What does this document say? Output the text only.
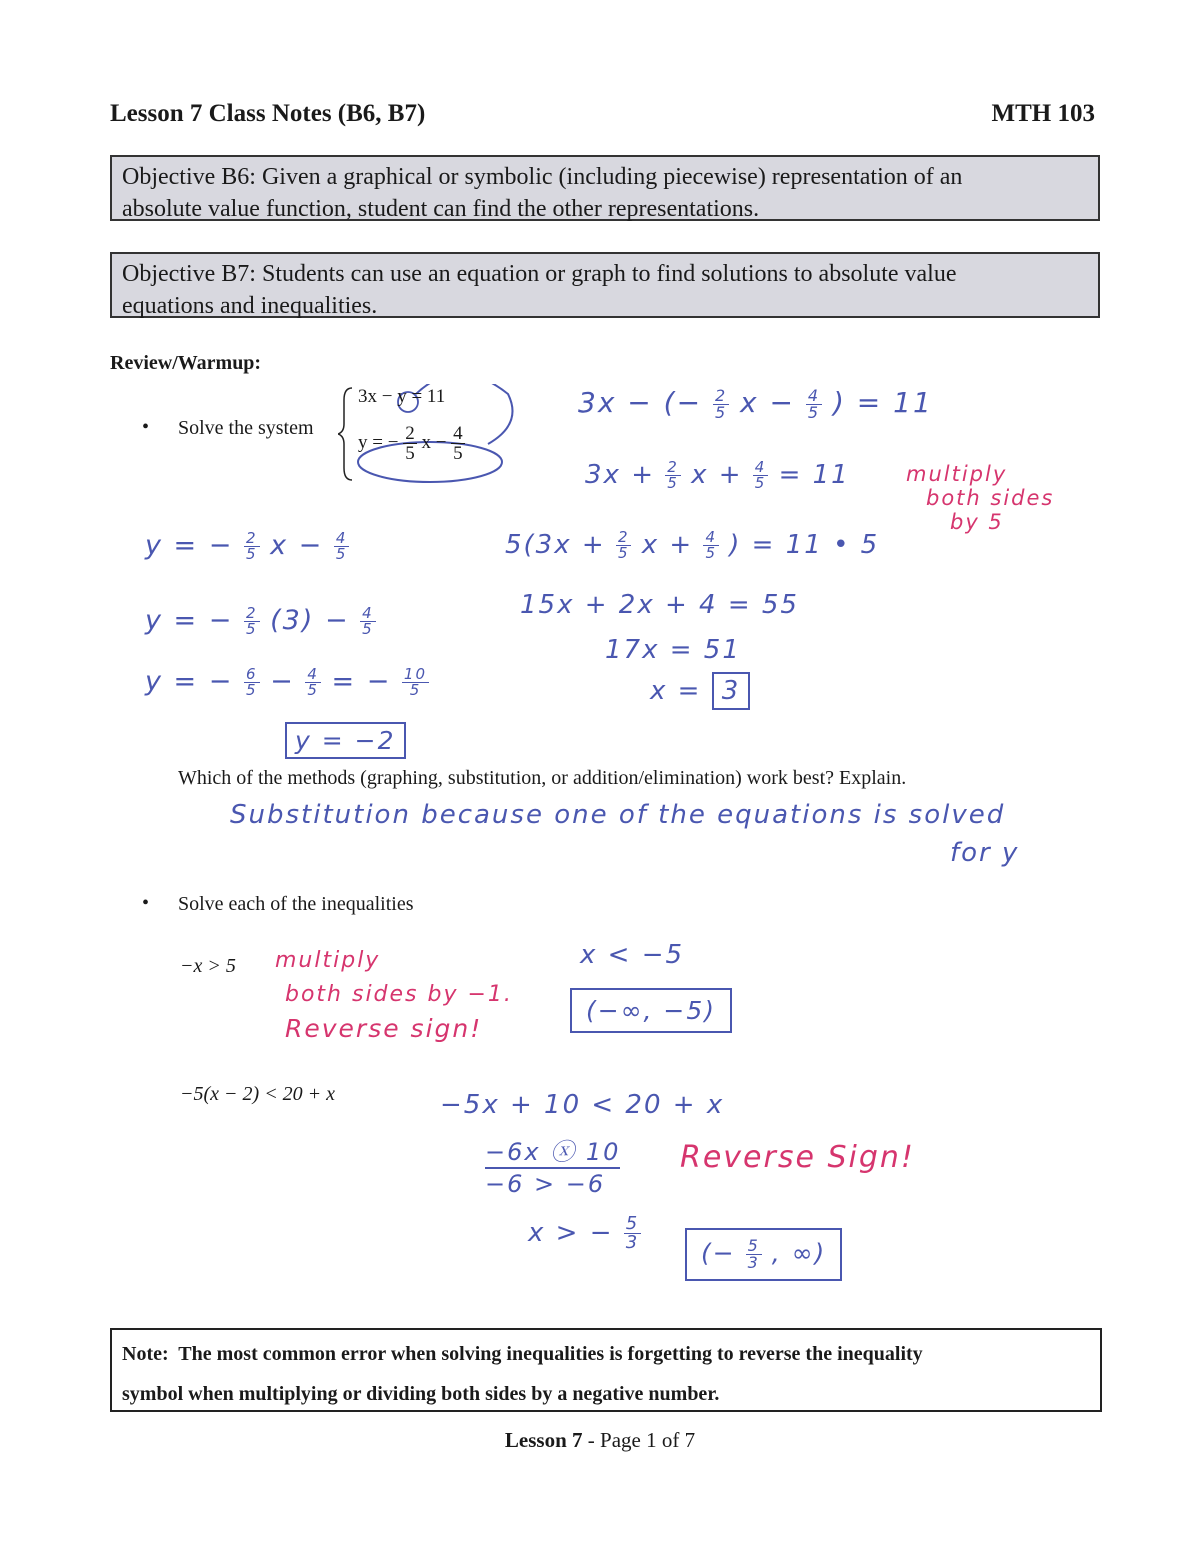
Lesson 7 Class Notes (B6, B7)	MTH 103
Objective B6: Given a graphical or symbolic (including piecewise) representation of an
absolute value function, student can find the other representations.
Objective B7: Students can use an equation or graph to find solutions to absolute value
equations and inequalities.
Review/Warmup:
• Solve the system
3x − y = 11
y = − $\frac{2}{5}$ $x - \frac{4}{5}$
3x − (− $\frac{2}{5}$ $x - \frac{4}{5}$ ) = 11
$3x + \frac{2}{5}$ $x + \frac{4}{5} = 11$	multiply
both sides
by 5
$5(3x + \frac{2}{5}$ $x + \frac{4}{5}$ ) = 11 • 5
15x + 2x + 4 = 55
17x = 51
x = 3
y = − $\frac{2}{5}$ $x - \frac{4}{5}$
y = − $\frac{2}{5} (3) - \frac{4}{5}$
y = − $\frac{6}{5} - \frac{4}{5}$ = − $\frac{10}{5}$
y = −2
Which of the methods (graphing, substitution, or addition/elimination) work best? Explain.
Substitution because one of the equations is solved
for y
• Solve each of the inequalities
−x > 5 multiply
both sides by −1.
Reverse sign!
x < −5
(−∞, −5)
−5(x − 2) < 20 + x	−5x + 10 < 20 + x
−6x ⓧ 10
−6 > −6
Reverse Sign!
x > − $\frac{5}{3}$
(− $\frac{5}{3}$ , ∞)
Note: The most common error when solving inequalities is forgetting to reverse the inequality
symbol when multiplying or dividing both sides by a negative number.
Lesson 7 - Page 1 of 7
